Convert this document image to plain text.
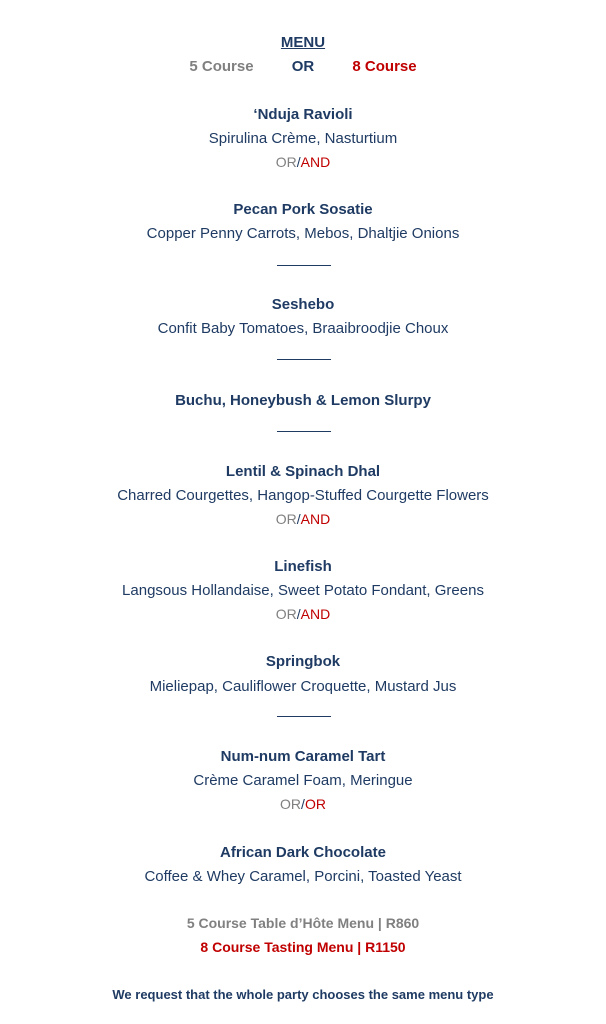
MENU
5 Course	OR	8 Course
‘Nduja Ravioli
Spirulina Crème, Nasturtium
OR/AND
Pecan Pork Sosatie
Copper Penny Carrots, Mebos, Dhaltjie Onions
Seshebo
Confit Baby Tomatoes, Braaibroodjie Choux
Buchu, Honeybush & Lemon Slurpy
Lentil & Spinach Dhal
Charred Courgettes, Hangop-Stuffed Courgette Flowers
OR/AND
Linefish
Langsous Hollandaise, Sweet Potato Fondant, Greens
OR/AND
Springbok
Mieliepap, Cauliflower Croquette, Mustard Jus
Num-num Caramel Tart
Crème Caramel Foam, Meringue
OR/OR
African Dark Chocolate
Coffee & Whey Caramel, Porcini, Toasted Yeast
5 Course Table d’Hôte Menu | R860
8 Course Tasting Menu | R1150
We request that the whole party chooses the same menu type
